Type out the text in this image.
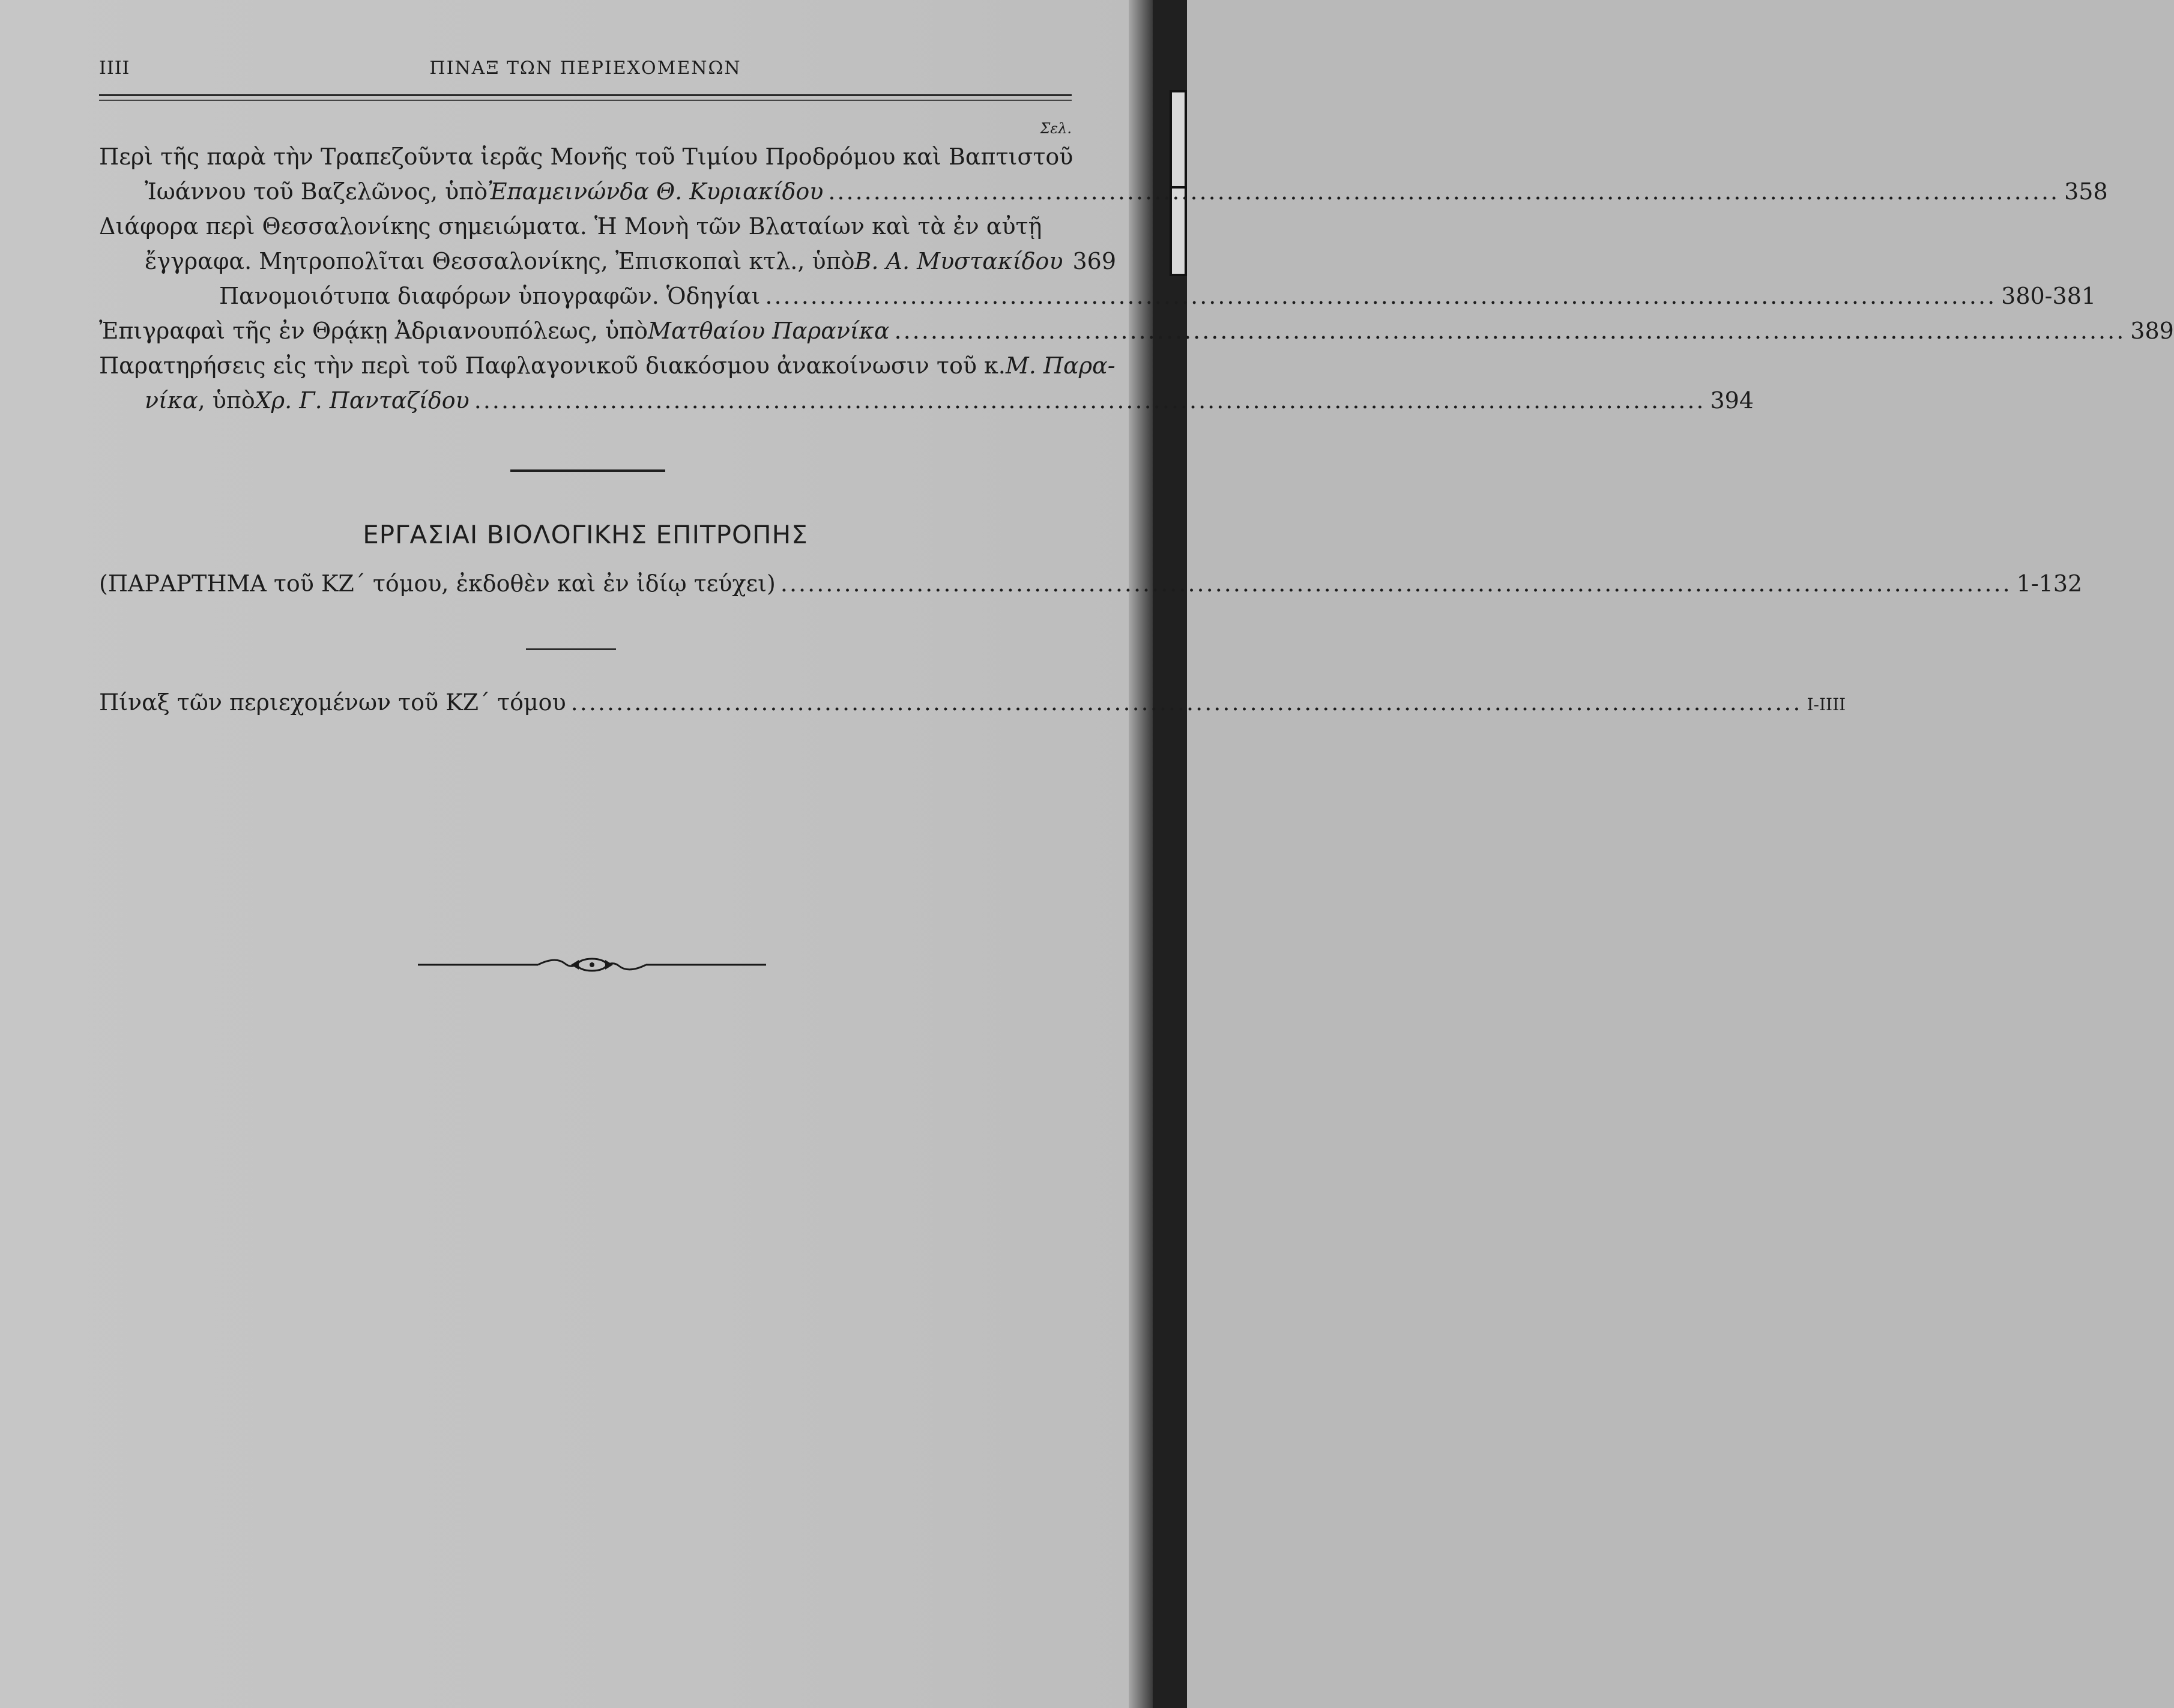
IIII	ΠΙΝΑΞ ΤΩΝ ΠΕΡΙΕΧΟΜΕΝΩΝ
Σελ.
Περὶ τῆς παρὰ τὴν Τραπεζοῦντα ἱερᾶς Μονῆς τοῦ Τιμίου Προδρόμου καὶ Βαπτιστοῦ
Ἰωάννου τοῦ Βαζελῶνος, ὑπὸ Ἐπαμεινώνδα Θ. Κυριακίδου ........................................................................................................................................ 358
Διάφορα περὶ Θεσσαλονίκης σημειώματα. Ἡ Μονὴ τῶν Βλαταίων καὶ τὰ ἐν αὐτῇ
ἔγγραφα. Μητροπολῖται Θεσσαλονίκης, Ἐπισκοπαὶ κτλ., ὑπὸ Β. Α. Μυστακίδου 369
Πανομοιότυπα διαφόρων ὑπογραφῶν. Ὁδηγίαι ........................................................................................................................................ 380-381
Ἐπιγραφαὶ τῆς ἐν Θρᾴκῃ Ἀδριανουπόλεως, ὑπὸ Ματθαίου Παρανίκα ........................................................................................................................................ 389
Παρατηρήσεις εἰς τὴν περὶ τοῦ Παφλαγονικοῦ διακόσμου ἀνακοίνωσιν τοῦ κ. Μ. Παρα-
νίκα , ὑπὸ Χρ. Γ. Πανταζίδου ........................................................................................................................................ 394
ΕΡΓΑΣΙΑΙ ΒΙΟΛΟΓΙΚΗΣ ΕΠΙΤΡΟΠΗΣ
(ΠΑΡΑΡΤΗΜΑ τοῦ ΚΖ΄ τόμου, ἐκδοθὲν καὶ ἐν ἰδίῳ τεύχει) ........................................................................................................................................ 1-132
Πίναξ τῶν περιεχομένων τοῦ ΚΖ΄ τόμου ........................................................................................................................................ I-IIII
